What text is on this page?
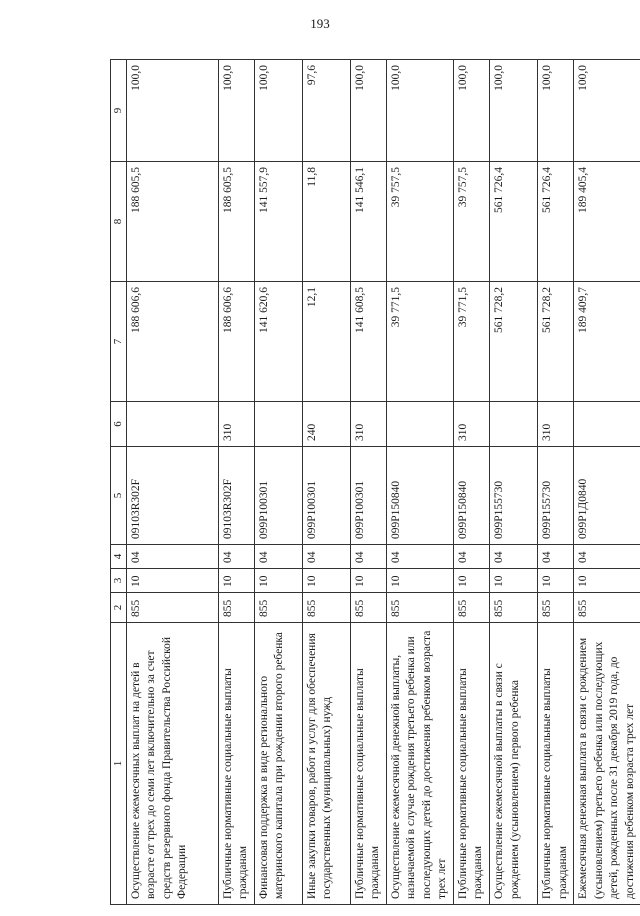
193
1	2	3	4	5	6	7	8	9
Осуществление ежемесячных выплат на детей в возрасте от трех до семи лет включительно за счет средств резервного фонда Правительства Российской Федерации	855	10	04	09103R302F		188 606,6	188 605,5	100,0
Публичные нормативные социальные выплаты гражданам	855	10	04	09103R302F	310	188 606,6	188 605,5	100,0
Финансовая поддержка в виде регионального материнского капитала при рождении второго ребенка	855	10	04	099P100301		141 620,6	141 557,9	100,0
Иные закупки товаров, работ и услуг для обеспечения государственных (муниципальных) нужд	855	10	04	099P100301	240	12,1	11,8	97,6
Публичные нормативные социальные выплаты гражданам	855	10	04	099P100301	310	141 608,5	141 546,1	100,0
Осуществление ежемесячной денежной выплаты, назначаемой в случае рождения третьего ребенка или последующих детей до достижения ребенком возраста трех лет	855	10	04	099P150840		39 771,5	39 757,5	100,0
Публичные нормативные социальные выплаты гражданам	855	10	04	099P150840	310	39 771,5	39 757,5	100,0
Осуществление ежемесячной выплаты в связи с рождением (усыновлением) первого ребенка	855	10	04	099P155730		561 728,2	561 726,4	100,0
Публичные нормативные социальные выплаты гражданам	855	10	04	099P155730	310	561 728,2	561 726,4	100,0
Ежемесячная денежная выплата в связи с рождением (усыновлением) третьего ребенка или последующих детей, рожденных после 31 декабря 2019 года, до достижения ребенком возраста трех лет	855	10	04	099P1Д0840		189 409,7	189 405,4	100,0
